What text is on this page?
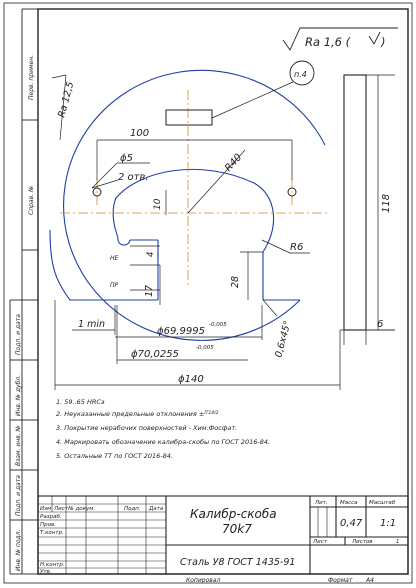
Перв. примен.
Справ. №
Подп. и дата
Инв. № дубл.
Взам. инв. №
Подп. и дата
Инв. № подл.
Ra 1,6 (	)
п.4
Ra 12,5
100
ϕ5
2 отв.
R40
10
4
R6
НЕ
ПР	17
28
118
6
1 min
ϕ69,9995
-0,005
ϕ70,0255
-0,005	0,6x45°
ϕ140
1. 59..65 HRCэ
2. Неуказанные предельные отклонения ±$^{IT14/2}$
3. Покрытие нерабочих поверхностей - Хим.Фосфат.
4. Маркировать обозначение калибра-скобы по ГОСТ 2016-84.
5. Остальные ТТ по ГОСТ 2016-84.
Изм Лист № докум.	Подп. Дата
Разраб.
Пров.
Т.контр.
Н.контр.
Утв.
Калибр-скоба
70k7
Сталь У8 ГОСТ 1435-91
Лит. Масса Масштаб
0,47 1:1
Лист	Листов	1
Копировал	Формат А4
